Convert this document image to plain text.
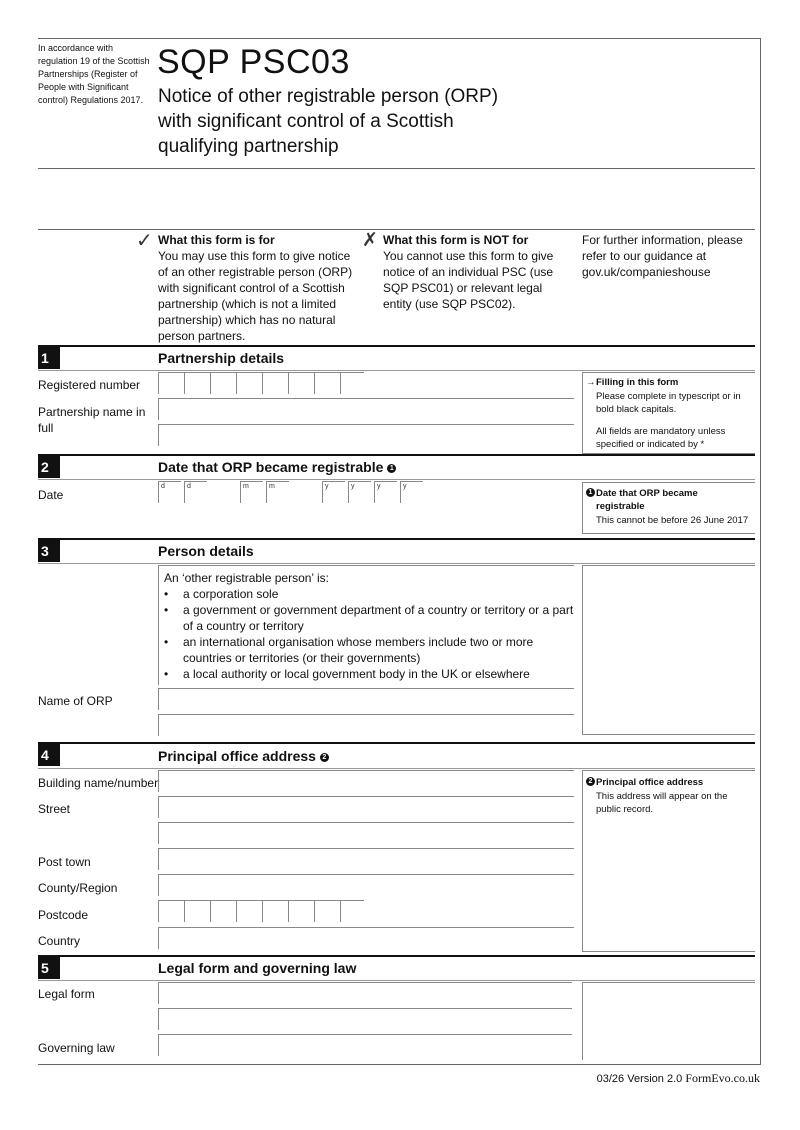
In accordance with regulation 19 of the Scottish Partnerships (Register of People with Significant control) Regulations 2017.
SQP PSC03
Notice of other registrable person (ORP) with significant control of a Scottish qualifying partnership
✓ What this form is for
You may use this form to give notice of an other registrable person (ORP) with significant control of a Scottish partnership (which is not a limited partnership) which has no natural person partners.
✗ What this form is NOT for
You cannot use this form to give notice of an individual PSC (use SQP PSC01) or relevant legal entity (use SQP PSC02).
For further information, please refer to our guidance at gov.uk/companieshouse
1	Partnership details
Registered number
Partnership name in full
→ Filling in this form
Please complete in typescript or in bold black capitals.
All fields are mandatory unless specified or indicated by *
2	Date that ORP became registrable 1
Date
d	d	m	m	y	y	y	y
1 Date that ORP became registrable
This cannot be before 26 June 2017
3	Person details
An ‘other registrable person’ is:
• a corporation sole
• a government or government department of a country or territory or a part of a country or territory
• an international organisation whose members include two or more countries or territories (or their governments)
• a local authority or local government body in the UK or elsewhere
Name of ORP
4	Principal office address 2
Building name/number
Street
Post town
County/Region
Postcode
Country
2 Principal office address
This address will appear on the public record.
5	Legal form and governing law
Legal form
Governing law
03/26 Version 2.0 FormEvo.co.uk
